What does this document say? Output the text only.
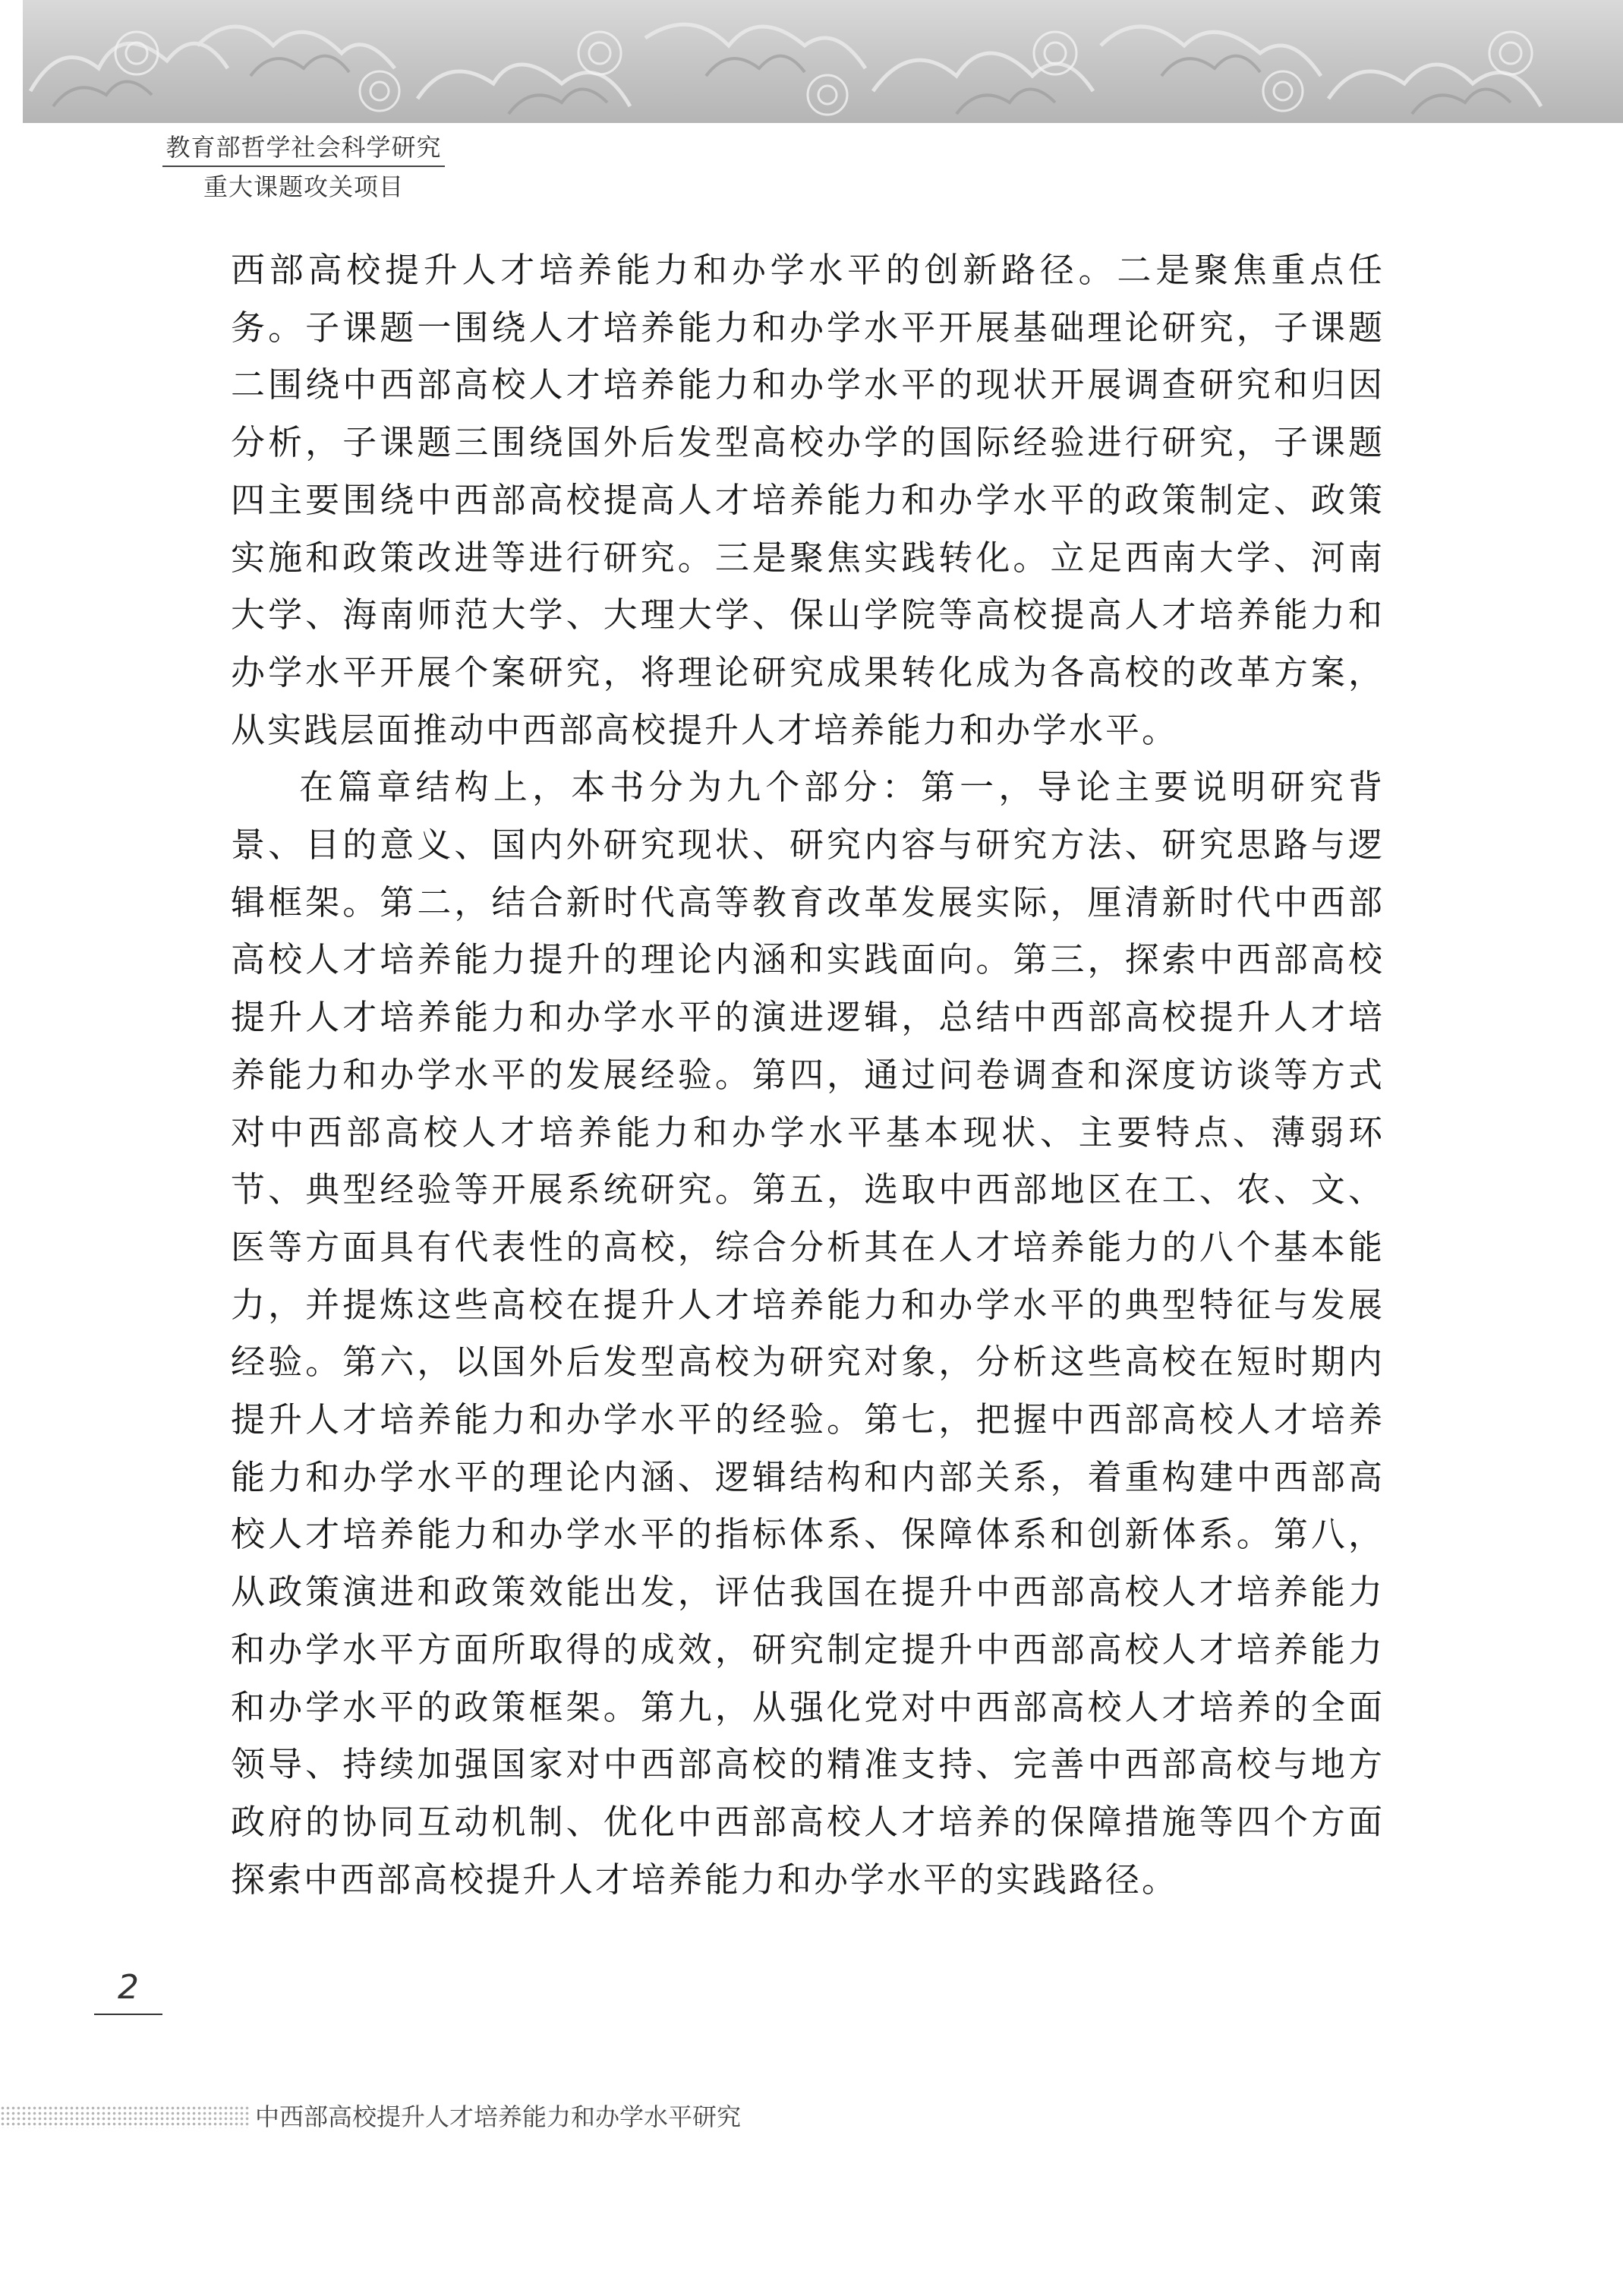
教育部哲学社会科学研究
重大课题攻关项目

西部高校提升人才培养能力和办学水平的创新路径。二是聚焦重点任务。子课题一围绕人才培养能力和办学水平开展基础理论研究，子课题二围绕中西部高校人才培养能力和办学水平的现状开展调查研究和归因分析，子课题三围绕国外后发型高校办学的国际经验进行研究，子课题四主要围绕中西部高校提高人才培养能力和办学水平的政策制定、政策实施和政策改进等进行研究。三是聚焦实践转化。立足西南大学、河南大学、海南师范大学、大理大学、保山学院等高校提高人才培养能力和办学水平开展个案研究，将理论研究成果转化成为各高校的改革方案，从实践层面推动中西部高校提升人才培养能力和办学水平。

在篇章结构上，本书分为九个部分：第一，导论主要说明研究背景、目的意义、国内外研究现状、研究内容与研究方法、研究思路与逻辑框架。第二，结合新时代高等教育改革发展实际，厘清新时代中西部高校人才培养能力提升的理论内涵和实践面向。第三，探索中西部高校提升人才培养能力和办学水平的演进逻辑，总结中西部高校提升人才培养能力和办学水平的发展经验。第四，通过问卷调查和深度访谈等方式对中西部高校人才培养能力和办学水平基本现状、主要特点、薄弱环节、典型经验等开展系统研究。第五，选取中西部地区在工、农、文、医等方面具有代表性的高校，综合分析其在人才培养能力的八个基本能力，并提炼这些高校在提升人才培养能力和办学水平的典型特征与发展经验。第六，以国外后发型高校为研究对象，分析这些高校在短时期内提升人才培养能力和办学水平的经验。第七，把握中西部高校人才培养能力和办学水平的理论内涵、逻辑结构和内部关系，着重构建中西部高校人才培养能力和办学水平的指标体系、保障体系和创新体系。第八，从政策演进和政策效能出发，评估我国在提升中西部高校人才培养能力和办学水平方面所取得的成效，研究制定提升中西部高校人才培养能力和办学水平的政策框架。第九，从强化党对中西部高校人才培养的全面领导、持续加强国家对中西部高校的精准支持、完善中西部高校与地方政府的协同互动机制、优化中西部高校人才培养的保障措施等四个方面探索中西部高校提升人才培养能力和办学水平的实践路径。

2
中西部高校提升人才培养能力和办学水平研究
